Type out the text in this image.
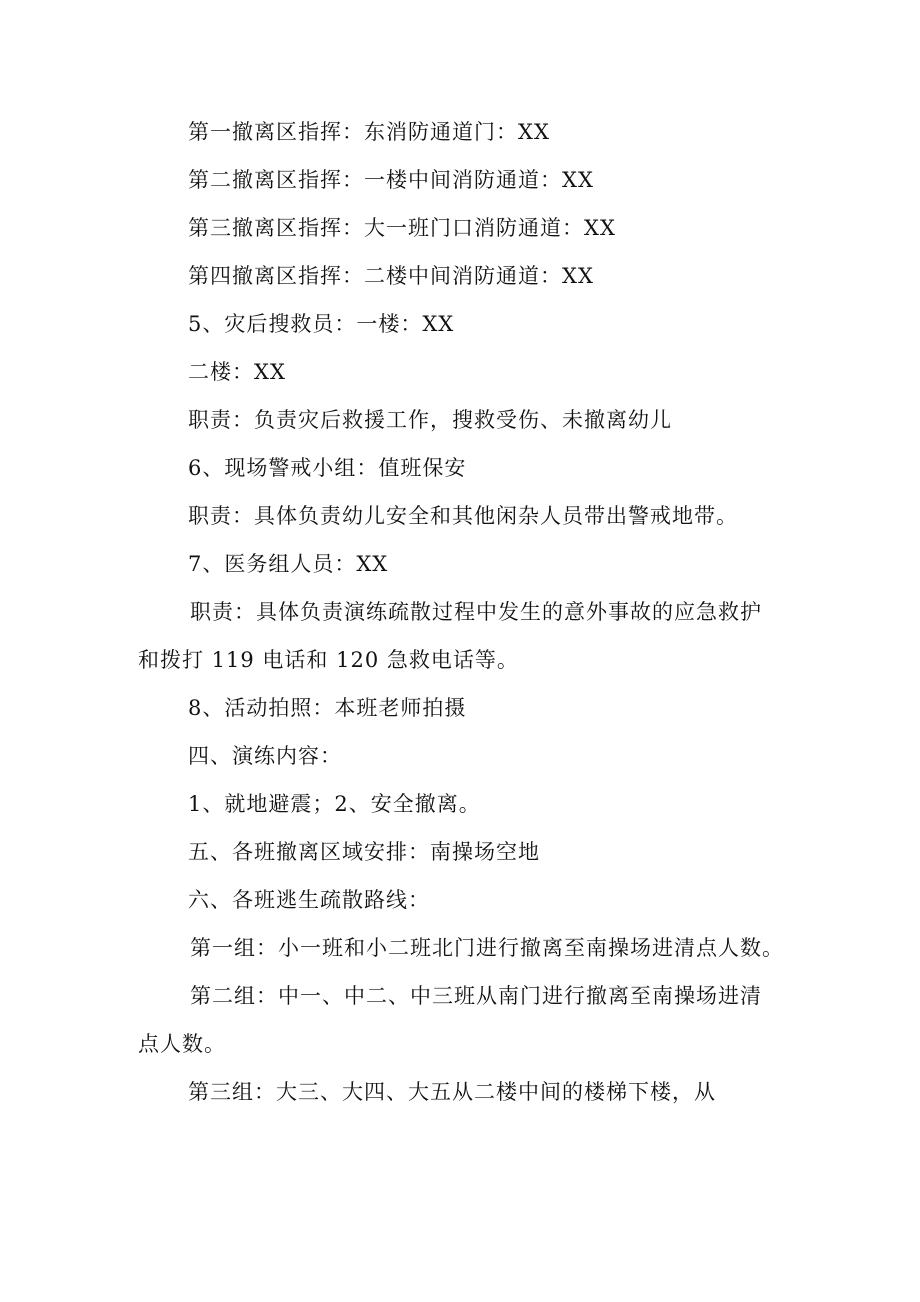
第一撤离区指挥：东消防通道门：XX
第二撤离区指挥：一楼中间消防通道：XX
第三撤离区指挥：大一班门口消防通道：XX
第四撤离区指挥：二楼中间消防通道：XX
5、灾后搜救员：一楼：XX
二楼：XX
职责：负责灾后救援工作，搜救受伤、未撤离幼儿
6、现场警戒小组：值班保安
职责：具体负责幼儿安全和其他闲杂人员带出警戒地带。
7、医务组人员：XX
职责：具体负责演练疏散过程中发生的意外事故的应急救护
和拨打 119 电话和 120 急救电话等。
8、活动拍照：本班老师拍摄
四、演练内容：
1、就地避震；2、安全撤离。
五、各班撤离区域安排：南操场空地
六、各班逃生疏散路线：
第一组：小一班和小二班北门进行撤离至南操场进清点人数。
第二组：中一、中二、中三班从南门进行撤离至南操场进清
点人数。
第三组：大三、大四、大五从二楼中间的楼梯下楼，从
